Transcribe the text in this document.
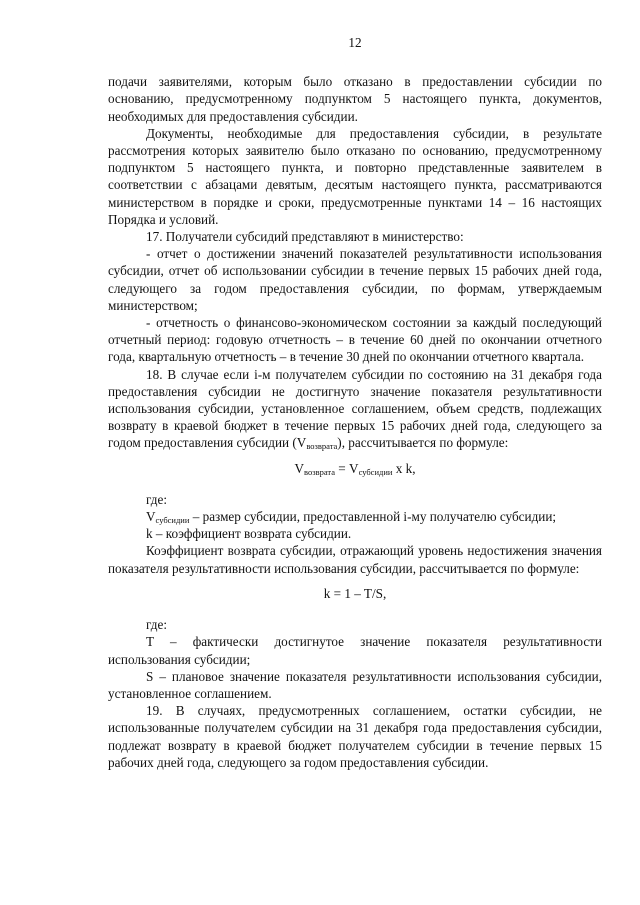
12

подачи заявителями, которым было отказано в предоставлении субсидии по основанию, предусмотренному подпунктом 5 настоящего пункта, документов, необходимых для предоставления субсидии.

Документы, необходимые для предоставления субсидии, в результате рассмотрения которых заявителю было отказано по основанию, предусмотренному подпунктом 5 настоящего пункта, и повторно представленные заявителем в соответствии с абзацами девятым, десятым настоящего пункта, рассматриваются министерством в порядке и сроки, предусмотренные пунктами 14 – 16 настоящих Порядка и условий.

17. Получатели субсидий представляют в министерство:

- отчет о достижении значений показателей результативности использования субсидии, отчет об использовании субсидии в течение первых 15 рабочих дней года, следующего за годом предоставления субсидии, по формам, утверждаемым министерством;

- отчетность о финансово-экономическом состоянии за каждый последующий отчетный период: годовую отчетность – в течение 60 дней по окончании отчетного года, квартальную отчетность – в течение 30 дней по окончании отчетного квартала.

18. В случае если i-м получателем субсидии по состоянию на 31 декабря года предоставления субсидии не достигнуто значение показателя результативности использования субсидии, установленное соглашением, объем средств, подлежащих возврату в краевой бюджет в течение первых 15 рабочих дней года, следующего за годом предоставления субсидии $(V_{возврата})$, рассчитывается по формуле:

$V_{возврата} = V_{субсидии}$ x k,

где:

$V_{субсидии}$ – размер субсидии, предоставленной i-му получателю субсидии;

k – коэффициент возврата субсидии.

Коэффициент возврата субсидии, отражающий уровень недостижения значения показателя результативности использования субсидии, рассчитывается по формуле:

k = 1 – T/S,

где:

T – фактически достигнутое значение показателя результативности использования субсидии;

S – плановое значение показателя результативности использования субсидии, установленное соглашением.

19. В случаях, предусмотренных соглашением, остатки субсидии, не использованные получателем субсидии на 31 декабря года предоставления субсидии, подлежат возврату в краевой бюджет получателем субсидии в течение первых 15 рабочих дней года, следующего за годом предоставления субсидии.
